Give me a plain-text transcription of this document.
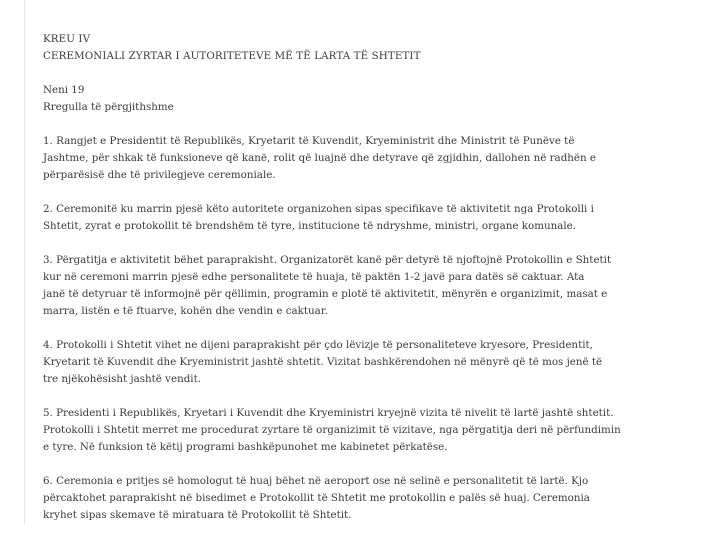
KREU IV

CEREMONIALI ZYRTAR I AUTORITETEVE MË TË LARTA TË SHTETIT

Neni 19

Rregulla të përgjithshme

1. Rangjet e Presidentit të Republikës, Kryetarit të Kuvendit, Kryeministrit dhe Ministrit të Punëve të

Jashtme, për shkak të funksioneve që kanë, rolit që luajnë dhe detyrave që zgjidhin, dallohen në radhën e

përparësisë dhe të privilegjeve ceremoniale.

2. Ceremonitë ku marrin pjesë këto autoritete organizohen sipas specifikave të aktivitetit nga Protokolli i

Shtetit, zyrat e protokollit të brendshëm të tyre, institucione të ndryshme, ministri, organe komunale.

3. Përgatitja e aktivitetit bëhet paraprakisht. Organizatorët kanë për detyrë të njoftojnë Protokollin e Shtetit

kur në ceremoni marrin pjesë edhe personalitete të huaja, të paktën 1-2 javë para datës së caktuar. Ata

janë të detyruar të informojnë për qëllimin, programin e plotë të aktivitetit, mënyrën e organizimit, masat e

marra, listën e të ftuarve, kohën dhe vendin e caktuar.

4. Protokolli i Shtetit vihet ne dijeni paraprakisht për çdo lëvizje të personaliteteve kryesore, Presidentit,

Kryetarit të Kuvendit dhe Kryeministrit jashtë shtetit. Vizitat bashkërendohen në mënyrë që të mos jenë të

tre njëkohësisht jashtë vendit.

5. Presidenti i Republikës, Kryetari i Kuvendit dhe Kryeministri kryejnë vizita të nivelit të lartë jashtë shtetit.

Protokolli i Shtetit merret me procedurat zyrtare të organizimit të vizitave, nga përgatitja deri në përfundimin

e tyre. Në funksion të këtij programi bashkëpunohet me kabinetet përkatëse.

6. Ceremonia e pritjes së homologut të huaj bëhet në aeroport ose në selinë e personalitetit të lartë. Kjo

përcaktohet paraprakisht në bisedimet e Protokollit të Shtetit me protokollin e palës së huaj. Ceremonia

kryhet sipas skemave të miratuara të Protokollit të Shtetit.
